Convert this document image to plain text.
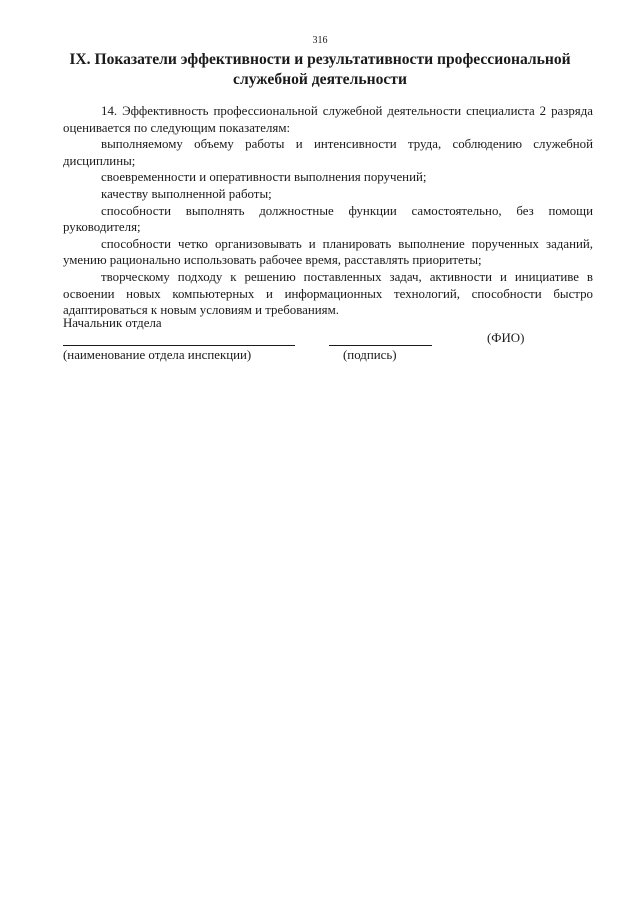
316
IX. Показатели эффективности и результативности профессиональной
служебной деятельности

14. Эффективность профессиональной служебной деятельности специалиста 2 разряда оценивается по следующим показателям:

выполняемому объему работы и интенсивности труда, соблюдению служебной дисциплины;

своевременности и оперативности выполнения поручений;

качеству выполненной работы;

способности выполнять должностные функции самостоятельно, без помощи руководителя;

способности четко организовывать и планировать выполнение порученных заданий, умению рационально использовать рабочее время, расставлять приоритеты;

творческому подходу к решению поставленных задач, активности и инициативе в освоении новых компьютерных и информационных технологий, способности быстро адаптироваться к новым условиям и требованиям.

Начальник отдела
(ФИО)
(наименование отдела инспекции)	(подпись)
